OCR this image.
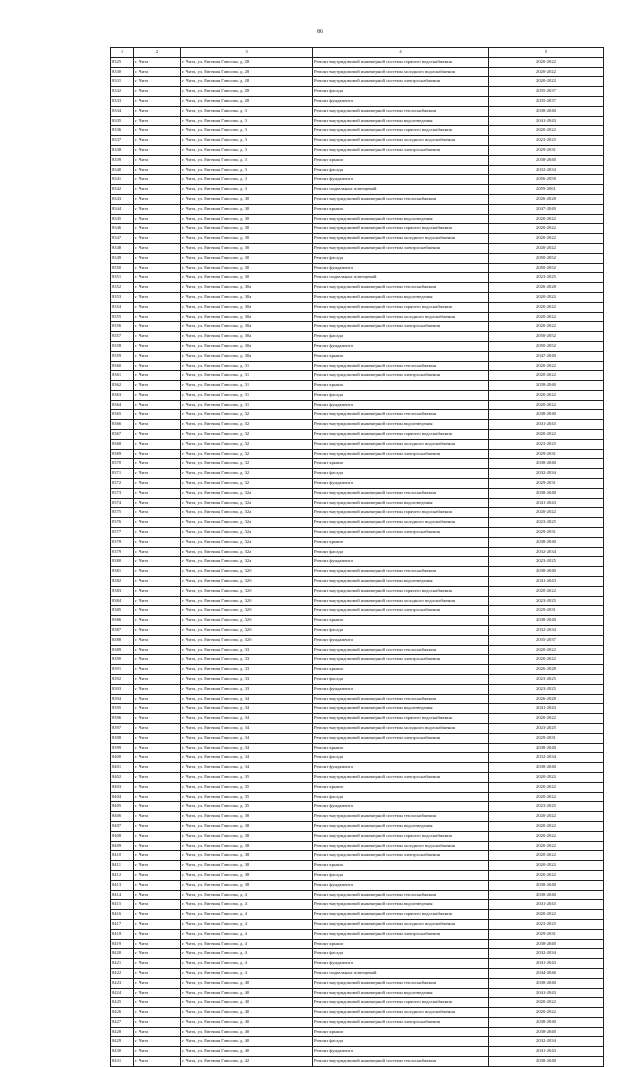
86
1	2	3	4	5
8325	г. Чита	г. Чита, ул. Евгения Гаюсова, д. 28	Ремонт внутридомовой инженерной системы горячего водоснабжения	2020-2022
8330	г. Чита	г. Чита, ул. Евгения Гаюсова, д. 28	Ремонт внутридомовой инженерной системы холодного водоснабжения	2020-2022
8331	г. Чита	г. Чита, ул. Евгения Гаюсова, д. 28	Ремонт внутридомовой инженерной системы электроснабжения	2020-2022
8332	г. Чита	г. Чита, ул. Евгения Гаюсова, д. 28	Ремонт фасада	2035-2037
8333	г. Чита	г. Чита, ул. Евгения Гаюсова, д. 28	Ремонт фундамента	2035-2037
8334	г. Чита	г. Чита, ул. Евгения Гаюсова, д. 3	Ремонт внутридомовой инженерной системы теплоснабжения	2038-2040
8335	г. Чита	г. Чита, ул. Евгения Гаюсова, д. 3	Ремонт внутридомовой инженерной системы водоотведения	2041-2043
8336	г. Чита	г. Чита, ул. Евгения Гаюсова, д. 3	Ремонт внутридомовой инженерной системы горячего водоснабжения	2020-2022
8337	г. Чита	г. Чита, ул. Евгения Гаюсова, д. 3	Ремонт внутридомовой инженерной системы холодного водоснабжения	2023-2025
8338	г. Чита	г. Чита, ул. Евгения Гаюсова, д. 3	Ремонт внутридомовой инженерной системы электроснабжения	2029-2031
8339	г. Чита	г. Чита, ул. Евгения Гаюсова, д. 3	Ремонт крыши	2038-2040
8340	г. Чита	г. Чита, ул. Евгения Гаюсова, д. 3	Ремонт фасада	2032-2034
8341	г. Чита	г. Чита, ул. Евгения Гаюсова, д. 3	Ремонт фундамента	2056-2058
8342	г. Чита	г. Чита, ул. Евгения Гаюсова, д. 3	Ремонт подвальных помещений	2059-2061
8343	г. Чита	г. Чита, ул. Евгения Гаюсова, д. 30	Ремонт внутридомовой инженерной системы теплоснабжения	2026-2028
8344	г. Чита	г. Чита, ул. Евгения Гаюсова, д. 30	Ремонт крыши	2047-2049
8345	г. Чита	г. Чита, ул. Евгения Гаюсова, д. 30	Ремонт внутридомовой инженерной системы водоотведения	2020-2022
8346	г. Чита	г. Чита, ул. Евгения Гаюсова, д. 30	Ремонт внутридомовой инженерной системы горячего водоснабжения	2020-2022
8347	г. Чита	г. Чита, ул. Евгения Гаюсова, д. 30	Ремонт внутридомовой инженерной системы холодного водоснабжения	2020-2022
8348	г. Чита	г. Чита, ул. Евгения Гаюсова, д. 30	Ремонт внутридомовой инженерной системы электроснабжения	2020-2022
8349	г. Чита	г. Чита, ул. Евгения Гаюсова, д. 30	Ремонт фасада	2050-2052
8350	г. Чита	г. Чита, ул. Евгения Гаюсова, д. 30	Ремонт фундамента	2050-2052
8351	г. Чита	г. Чита, ул. Евгения Гаюсова, д. 30	Ремонт подвальных помещений	2023-2025
8352	г. Чита	г. Чита, ул. Евгения Гаюсова, д. 30а	Ремонт внутридомовой инженерной системы теплоснабжения	2026-2028
8353	г. Чита	г. Чита, ул. Евгения Гаюсова, д. 30а	Ремонт внутридомовой инженерной системы водоотведения	2020-2022
8354	г. Чита	г. Чита, ул. Евгения Гаюсова, д. 30а	Ремонт внутридомовой инженерной системы горячего водоснабжения	2020-2022
8355	г. Чита	г. Чита, ул. Евгения Гаюсова, д. 30а	Ремонт внутридомовой инженерной системы холодного водоснабжения	2020-2022
8356	г. Чита	г. Чита, ул. Евгения Гаюсова, д. 30а	Ремонт внутридомовой инженерной системы электроснабжения	2020-2022
8357	г. Чита	г. Чита, ул. Евгения Гаюсова, д. 30а	Ремонт фасада	2050-2052
8358	г. Чита	г. Чита, ул. Евгения Гаюсова, д. 30а	Ремонт фундамента	2050-2052
8359	г. Чита	г. Чита, ул. Евгения Гаюсова, д. 30а	Ремонт крыши	2047-2049
8360	г. Чита	г. Чита, ул. Евгения Гаюсова, д. 31	Ремонт внутридомовой инженерной системы теплоснабжения	2020-2022
8361	г. Чита	г. Чита, ул. Евгения Гаюсова, д. 31	Ремонт внутридомовой инженерной системы электроснабжения	2020-2022
8362	г. Чита	г. Чита, ул. Евгения Гаюсова, д. 31	Ремонт крыши	2038-2040
8363	г. Чита	г. Чита, ул. Евгения Гаюсова, д. 31	Ремонт фасада	2020-2022
8364	г. Чита	г. Чита, ул. Евгения Гаюсова, д. 31	Ремонт фундамента	2020-2022
8365	г. Чита	г. Чита, ул. Евгения Гаюсова, д. 32	Ремонт внутридомовой инженерной системы теплоснабжения	2038-2040
8366	г. Чита	г. Чита, ул. Евгения Гаюсова, д. 32	Ремонт внутридомовой инженерной системы водоотведения	2041-2043
8367	г. Чита	г. Чита, ул. Евгения Гаюсова, д. 32	Ремонт внутридомовой инженерной системы горячего водоснабжения	2020-2022
8368	г. Чита	г. Чита, ул. Евгения Гаюсова, д. 32	Ремонт внутридомовой инженерной системы холодного водоснабжения	2023-2025
8369	г. Чита	г. Чита, ул. Евгения Гаюсова, д. 32	Ремонт внутридомовой инженерной системы электроснабжения	2029-2031
8370	г. Чита	г. Чита, ул. Евгения Гаюсова, д. 32	Ремонт крыши	2038-2040
8371	г. Чита	г. Чита, ул. Евгения Гаюсова, д. 32	Ремонт фасада	2032-2034
8372	г. Чита	г. Чита, ул. Евгения Гаюсова, д. 32	Ремонт фундамента	2029-2031
8373	г. Чита	г. Чита, ул. Евгения Гаюсова, д. 32а	Ремонт внутридомовой инженерной системы теплоснабжения	2038-2040
8374	г. Чита	г. Чита, ул. Евгения Гаюсова, д. 32а	Ремонт внутридомовой инженерной системы водоотведения	2041-2043
8375	г. Чита	г. Чита, ул. Евгения Гаюсова, д. 32а	Ремонт внутридомовой инженерной системы горячего водоснабжения	2020-2022
8376	г. Чита	г. Чита, ул. Евгения Гаюсова, д. 32а	Ремонт внутридомовой инженерной системы холодного водоснабжения	2023-2025
8377	г. Чита	г. Чита, ул. Евгения Гаюсова, д. 32а	Ремонт внутридомовой инженерной системы электроснабжения	2029-2031
8378	г. Чита	г. Чита, ул. Евгения Гаюсова, д. 32а	Ремонт крыши	2038-2040
8379	г. Чита	г. Чита, ул. Евгения Гаюсова, д. 32а	Ремонт фасада	2032-2034
8380	г. Чита	г. Чита, ул. Евгения Гаюсова, д. 32а	Ремонт фундамента	2023-2025
8381	г. Чита	г. Чита, ул. Евгения Гаюсова, д. 32б	Ремонт внутридомовой инженерной системы теплоснабжения	2038-2040
8382	г. Чита	г. Чита, ул. Евгения Гаюсова, д. 32б	Ремонт внутридомовой инженерной системы водоотведения	2041-2043
8383	г. Чита	г. Чита, ул. Евгения Гаюсова, д. 32б	Ремонт внутридомовой инженерной системы горячего водоснабжения	2020-2022
8384	г. Чита	г. Чита, ул. Евгения Гаюсова, д. 32б	Ремонт внутридомовой инженерной системы холодного водоснабжения	2023-2025
8385	г. Чита	г. Чита, ул. Евгения Гаюсова, д. 32б	Ремонт внутридомовой инженерной системы электроснабжения	2029-2031
8386	г. Чита	г. Чита, ул. Евгения Гаюсова, д. 32б	Ремонт крыши	2038-2040
8387	г. Чита	г. Чита, ул. Евгения Гаюсова, д. 32б	Ремонт фасада	2032-2034
8388	г. Чита	г. Чита, ул. Евгения Гаюсова, д. 32б	Ремонт фундамента	2035-2037
8389	г. Чита	г. Чита, ул. Евгения Гаюсова, д. 33	Ремонт внутридомовой инженерной системы теплоснабжения	2020-2022
8390	г. Чита	г. Чита, ул. Евгения Гаюсова, д. 33	Ремонт внутридомовой инженерной системы электроснабжения	2020-2022
8391	г. Чита	г. Чита, ул. Евгения Гаюсова, д. 33	Ремонт крыши	2026-2028
8392	г. Чита	г. Чита, ул. Евгения Гаюсова, д. 33	Ремонт фасада	2023-2025
8393	г. Чита	г. Чита, ул. Евгения Гаюсова, д. 33	Ремонт фундамента	2023-2025
8394	г. Чита	г. Чита, ул. Евгения Гаюсова, д. 34	Ремонт внутридомовой инженерной системы теплоснабжения	2026-2028
8395	г. Чита	г. Чита, ул. Евгения Гаюсова, д. 34	Ремонт внутридомовой инженерной системы водоотведения	2041-2043
8396	г. Чита	г. Чита, ул. Евгения Гаюсова, д. 34	Ремонт внутридомовой инженерной системы горячего водоснабжения	2020-2022
8397	г. Чита	г. Чита, ул. Евгения Гаюсова, д. 34	Ремонт внутридомовой инженерной системы холодного водоснабжения	2023-2025
8398	г. Чита	г. Чита, ул. Евгения Гаюсова, д. 34	Ремонт внутридомовой инженерной системы электроснабжения	2029-2031
8399	г. Чита	г. Чита, ул. Евгения Гаюсова, д. 34	Ремонт крыши	2038-2040
8400	г. Чита	г. Чита, ул. Евгения Гаюсова, д. 34	Ремонт фасада	2032-2034
8401	г. Чита	г. Чита, ул. Евгения Гаюсова, д. 34	Ремонт фундамента	2038-2040
8402	г. Чита	г. Чита, ул. Евгения Гаюсова, д. 35	Ремонт внутридомовой инженерной системы электроснабжения	2020-2022
8403	г. Чита	г. Чита, ул. Евгения Гаюсова, д. 35	Ремонт крыши	2020-2022
8404	г. Чита	г. Чита, ул. Евгения Гаюсова, д. 35	Ремонт фасада	2020-2022
8405	г. Чита	г. Чита, ул. Евгения Гаюсова, д. 35	Ремонт фундамента	2023-2025
8406	г. Чита	г. Чита, ул. Евгения Гаюсова, д. 38	Ремонт внутридомовой инженерной системы теплоснабжения	2020-2022
8407	г. Чита	г. Чита, ул. Евгения Гаюсова, д. 38	Ремонт внутридомовой инженерной системы водоотведения	2020-2022
8408	г. Чита	г. Чита, ул. Евгения Гаюсова, д. 38	Ремонт внутридомовой инженерной системы горячего водоснабжения	2020-2022
8409	г. Чита	г. Чита, ул. Евгения Гаюсова, д. 38	Ремонт внутридомовой инженерной системы холодного водоснабжения	2020-2022
8410	г. Чита	г. Чита, ул. Евгения Гаюсова, д. 38	Ремонт внутридомовой инженерной системы электроснабжения	2020-2022
8411	г. Чита	г. Чита, ул. Евгения Гаюсова, д. 38	Ремонт крыши	2020-2022
8412	г. Чита	г. Чита, ул. Евгения Гаюсова, д. 38	Ремонт фасада	2020-2022
8413	г. Чита	г. Чита, ул. Евгения Гаюсова, д. 38	Ремонт фундамента	2038-2040
8414	г. Чита	г. Чита, ул. Евгения Гаюсова, д. 4	Ремонт внутридомовой инженерной системы теплоснабжения	2038-2040
8415	г. Чита	г. Чита, ул. Евгения Гаюсова, д. 4	Ремонт внутридомовой инженерной системы водоотведения	2041-2043
8416	г. Чита	г. Чита, ул. Евгения Гаюсова, д. 4	Ремонт внутридомовой инженерной системы горячего водоснабжения	2020-2022
8417	г. Чита	г. Чита, ул. Евгения Гаюсова, д. 4	Ремонт внутридомовой инженерной системы холодного водоснабжения	2023-2025
8418	г. Чита	г. Чита, ул. Евгения Гаюсова, д. 4	Ремонт внутридомовой инженерной системы электроснабжения	2029-2031
8419	г. Чита	г. Чита, ул. Евгения Гаюсова, д. 4	Ремонт крыши	2038-2040
8420	г. Чита	г. Чита, ул. Евгения Гаюсова, д. 4	Ремонт фасада	2032-2034
8421	г. Чита	г. Чита, ул. Евгения Гаюсова, д. 4	Ремонт фундамента	2041-2043
8422	г. Чита	г. Чита, ул. Евгения Гаюсова, д. 4	Ремонт подвальных помещений	2044-2046
8423	г. Чита	г. Чита, ул. Евгения Гаюсова, д. 40	Ремонт внутридомовой инженерной системы теплоснабжения	2038-2040
8424	г. Чита	г. Чита, ул. Евгения Гаюсова, д. 40	Ремонт внутридомовой инженерной системы водоотведения	2041-2043
8425	г. Чита	г. Чита, ул. Евгения Гаюсова, д. 40	Ремонт внутридомовой инженерной системы горячего водоснабжения	2020-2022
8426	г. Чита	г. Чита, ул. Евгения Гаюсова, д. 40	Ремонт внутридомовой инженерной системы холодного водоснабжения	2020-2022
8427	г. Чита	г. Чита, ул. Евгения Гаюсова, д. 40	Ремонт внутридомовой инженерной системы электроснабжения	2038-2040
8428	г. Чита	г. Чита, ул. Евгения Гаюсова, д. 40	Ремонт крыши	2038-2040
8429	г. Чита	г. Чита, ул. Евгения Гаюсова, д. 40	Ремонт фасада	2032-2034
8430	г. Чита	г. Чита, ул. Евгения Гаюсова, д. 40	Ремонт фундамента	2041-2043
8431	г. Чита	г. Чита, ул. Евгения Гаюсова, д. 42	Ремонт внутридомовой инженерной системы теплоснабжения	2038-2040
